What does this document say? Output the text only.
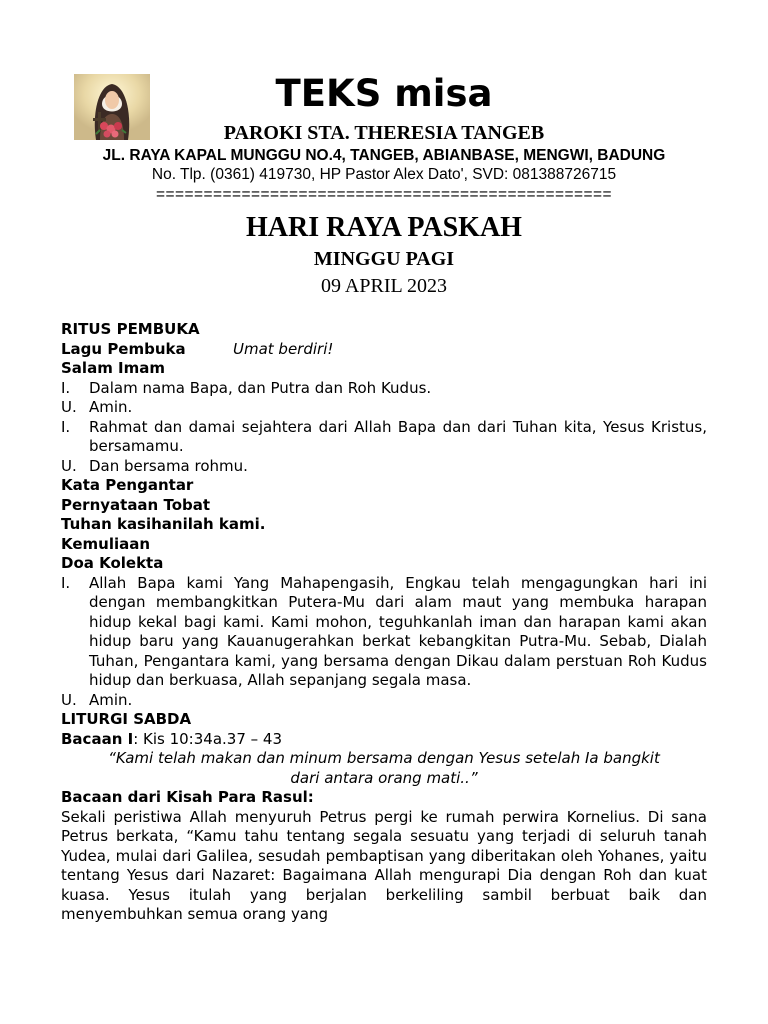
TEKS misa
PAROKI STA. THERESIA TANGEB
JL. RAYA KAPAL MUNGGU NO.4, TANGEB, ABIANBASE, MENGWI, BADUNG
No. Tlp. (0361) 419730, HP Pastor Alex Dato', SVD: 081388726715
================================================
HARI RAYA PASKAH
MINGGU PAGI
09 APRIL 2023

RITUS PEMBUKA

Lagu Pembuka	Umat berdiri!

Salam Imam

I.	Dalam nama Bapa, dan Putra dan Roh Kudus.
U. Amin.
I.	Rahmat dan damai sejahtera dari Allah Bapa dan dari Tuhan kita, Yesus Kristus, bersamamu.
U. Dan bersama rohmu.

Kata Pengantar

Pernyataan Tobat

Tuhan kasihanilah kami.

Kemuliaan

Doa Kolekta

I.	Allah Bapa kami Yang Mahapengasih, Engkau telah mengagungkan hari ini dengan membangkitkan Putera-Mu dari alam maut yang membuka harapan hidup kekal bagi kami. Kami mohon, teguhkanlah iman dan harapan kami akan hidup baru yang Kauanugerahkan berkat kebangkitan Putra-Mu. Sebab, Dialah Tuhan, Pengantara kami, yang bersama dengan Dikau dalam perstuan Roh Kudus hidup dan berkuasa, Allah sepanjang segala masa.
U. Amin.

LITURGI SABDA

Bacaan I: Kis 10:34a.37 – 43

“Kami telah makan dan minum bersama dengan Yesus setelah Ia bangkit

dari antara orang mati..”

Bacaan dari Kisah Para Rasul:

Sekali peristiwa Allah menyuruh Petrus pergi ke rumah perwira Kornelius. Di sana Petrus berkata, “Kamu tahu tentang segala sesuatu yang terjadi di seluruh tanah Yudea, mulai dari Galilea, sesudah pembaptisan yang diberitakan oleh Yohanes, yaitu tentang Yesus dari Nazaret: Bagaimana Allah mengurapi Dia dengan Roh dan kuat kuasa. Yesus itulah yang berjalan berkeliling sambil berbuat baik dan menyembuhkan semua orang yang
